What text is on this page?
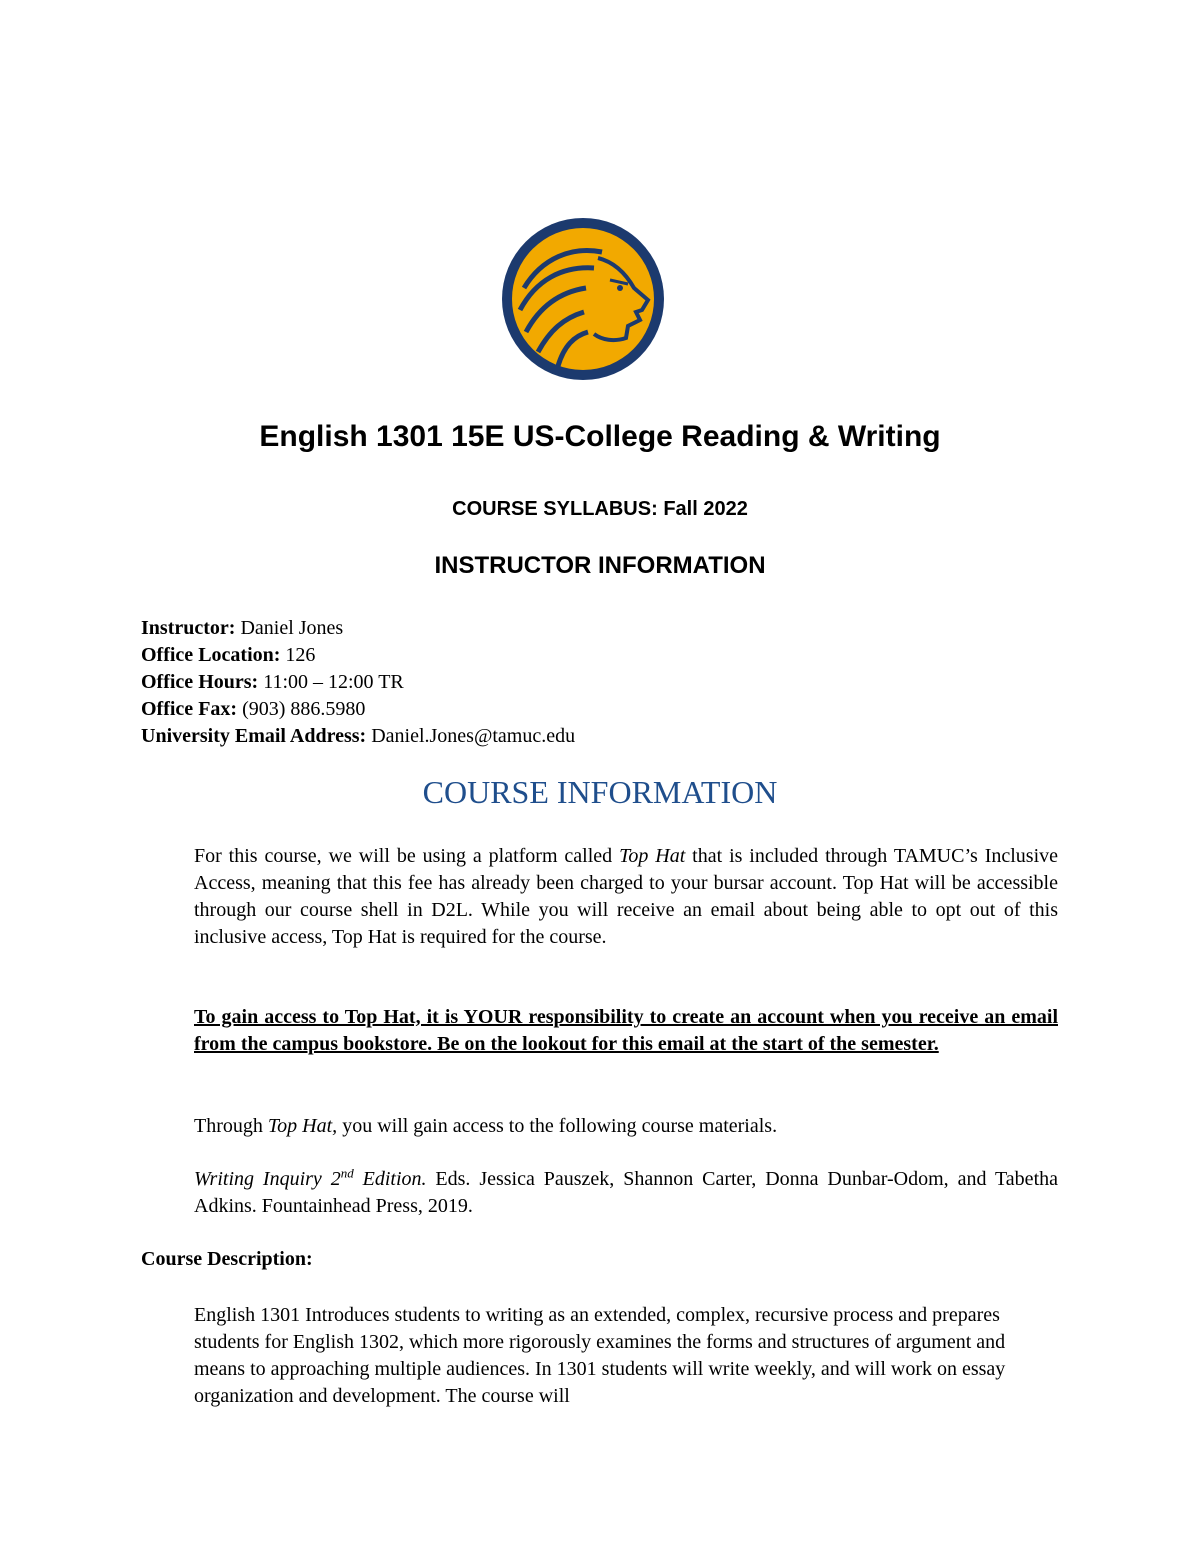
English 1301 15E US-College Reading & Writing

COURSE SYLLABUS: Fall 2022

INSTRUCTOR INFORMATION
Instructor: Daniel Jones
Office Location: 126
Office Hours: 11:00 – 12:00 TR
Office Fax: (903) 886.5980
University Email Address: Daniel.Jones@tamuc.edu
COURSE INFORMATION

For this course, we will be using a platform called Top Hat that is included through TAMUC’s Inclusive Access, meaning that this fee has already been charged to your bursar account. Top Hat will be accessible through our course shell in D2L. While you will receive an email about being able to opt out of this inclusive access, Top Hat is required for the course.

To gain access to Top Hat, it is YOUR responsibility to create an account when you receive an email from the campus bookstore. Be on the lookout for this email at the start of the semester.

Through Top Hat, you will gain access to the following course materials.

Writing Inquiry 2nd Edition. Eds. Jessica Pauszek, Shannon Carter, Donna Dunbar-Odom, and Tabetha Adkins. Fountainhead Press, 2019.

Course Description:

English 1301 Introduces students to writing as an extended, complex, recursive process and prepares students for English 1302, which more rigorously examines the forms and structures of argument and means to approaching multiple audiences. In 1301 students will write weekly, and will work on essay organization and development. The course will
